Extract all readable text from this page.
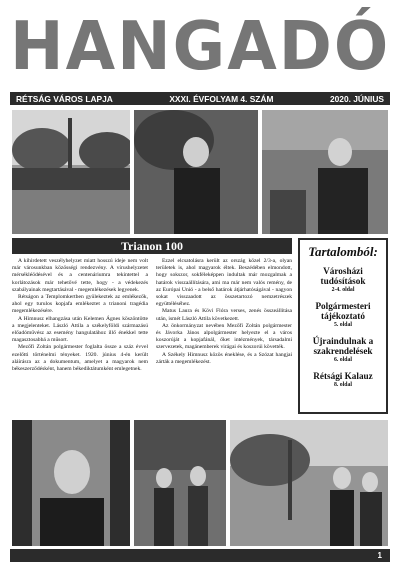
HANGADÓ
RÉTSÁG VÁROS LAPJA	XXXI. ÉVFOLYAM 4. SZÁM	2020. JÚNIUS
Trianon 100

A kihirdetett veszélyhelyzet miatt hosszú ideje nem volt már városunkban közösségi rendezvény. A vírushelyzetet mérsékléödésével és a centenáriumra tekintettel a korlátozások már tehetővé tette, hogy - a védekezés szabályainak megtartásával - megemlékezések legyenek.

Rétságon a Templomkertben gyülekeztek az emlékezők, ahol egy turulos kopjafa emlékeztet a trianoni tragédia megemlékezésére.

A Himnusz elhangzása után Kelemen Ágnes köszöntötte a megjelenteket. László Attila a székelyföldi származású előadóművész az esemény hangulatához illő énekkel tette magasztosabbá a műsort.

Mezőfi Zoltán polgármester foglalta össze a száz évvel ezelőtti történelmi tényeket. 1920. június 4-én került aláírásra az a dokumentum, amelyet a magyarok nem békeszerződésként, hanem békediktátumként emlegetnek.

Ezzel elcsatolásra került az ország közel 2/3-a, olyan területek is, ahol magyarok éltek. Beszédében elmondott, hogy sokszor, sokféleképpen indultak már mozgalmak a határok visszaállítására, ami ma már nem valós remény, de az Európai Unió - a belső határok átjárhatóságával - nagyon sokat visszaadott az összetartozó nemzetrészek együttéléséhez.

Matus Laura és Kövi Flóra verses, zenés összeállítása után, ismét László Attila következett.

Az önkormányzat nevében Mezőfi Zoltán polgármester és Jávorka János alpolgármester helyezte el a város koszorúját a kopjafánál, őket intézmények, társadalmi szervezetek, magánemberek virágai és koszorúi követték.

A Székely Himnusz közös éneklése, és a Szózat hangjai zárták a megemlékezést.

Tartalomból:

Városházi tudósítások

2-4. oldal

Polgármesteri tájékoztató

5. oldal

Újraindulnak a szakrendelések

6. oldal

Rétsági Kalauz

8. oldal

1
